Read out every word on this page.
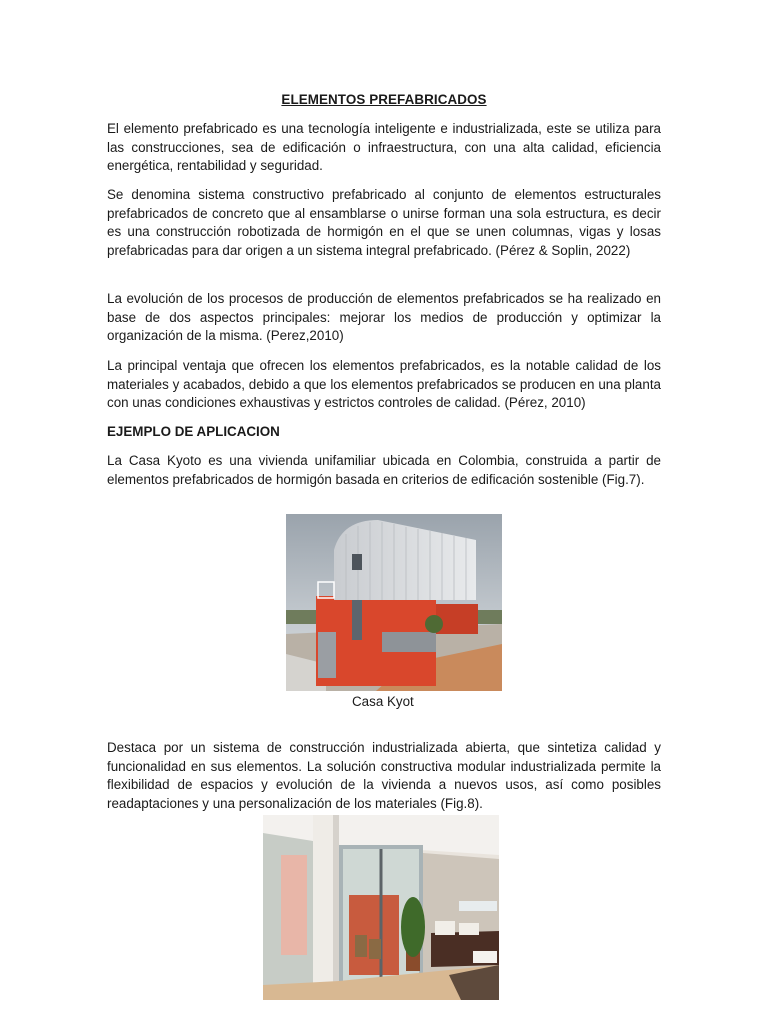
ELEMENTOS PREFABRICADOS

El elemento prefabricado es una tecnología inteligente e industrializada, este se utiliza para las construcciones, sea de edificación o infraestructura, con una alta calidad, eficiencia energética, rentabilidad y seguridad.

Se denomina sistema constructivo prefabricado al conjunto de elementos estructurales prefabricados de concreto que al ensamblarse o unirse forman una sola estructura, es decir es una construcción robotizada de hormigón en el que se unen columnas, vigas y losas prefabricadas para dar origen a un sistema integral prefabricado. (Pérez & Soplin, 2022)

La evolución de los procesos de producción de elementos prefabricados se ha realizado en base de dos aspectos principales: mejorar los medios de producción y optimizar la organización de la misma. (Perez,2010)

La principal ventaja que ofrecen los elementos prefabricados, es la notable calidad de los materiales y acabados, debido a que los elementos prefabricados se producen en una planta con unas condiciones exhaustivas y estrictos controles de calidad. (Pérez, 2010)

EJEMPLO DE APLICACION

La Casa Kyoto es una vivienda unifamiliar ubicada en Colombia, construida a partir de elementos prefabricados de hormigón basada en criterios de edificación sostenible (Fig.7).

Casa Kyot

Destaca por un sistema de construcción industrializada abierta, que sintetiza calidad y funcionalidad en sus elementos. La solución constructiva modular industrializada permite la flexibilidad de espacios y evolución de la vivienda a nuevos usos, así como posibles readaptaciones y una personalización de los materiales (Fig.8).
